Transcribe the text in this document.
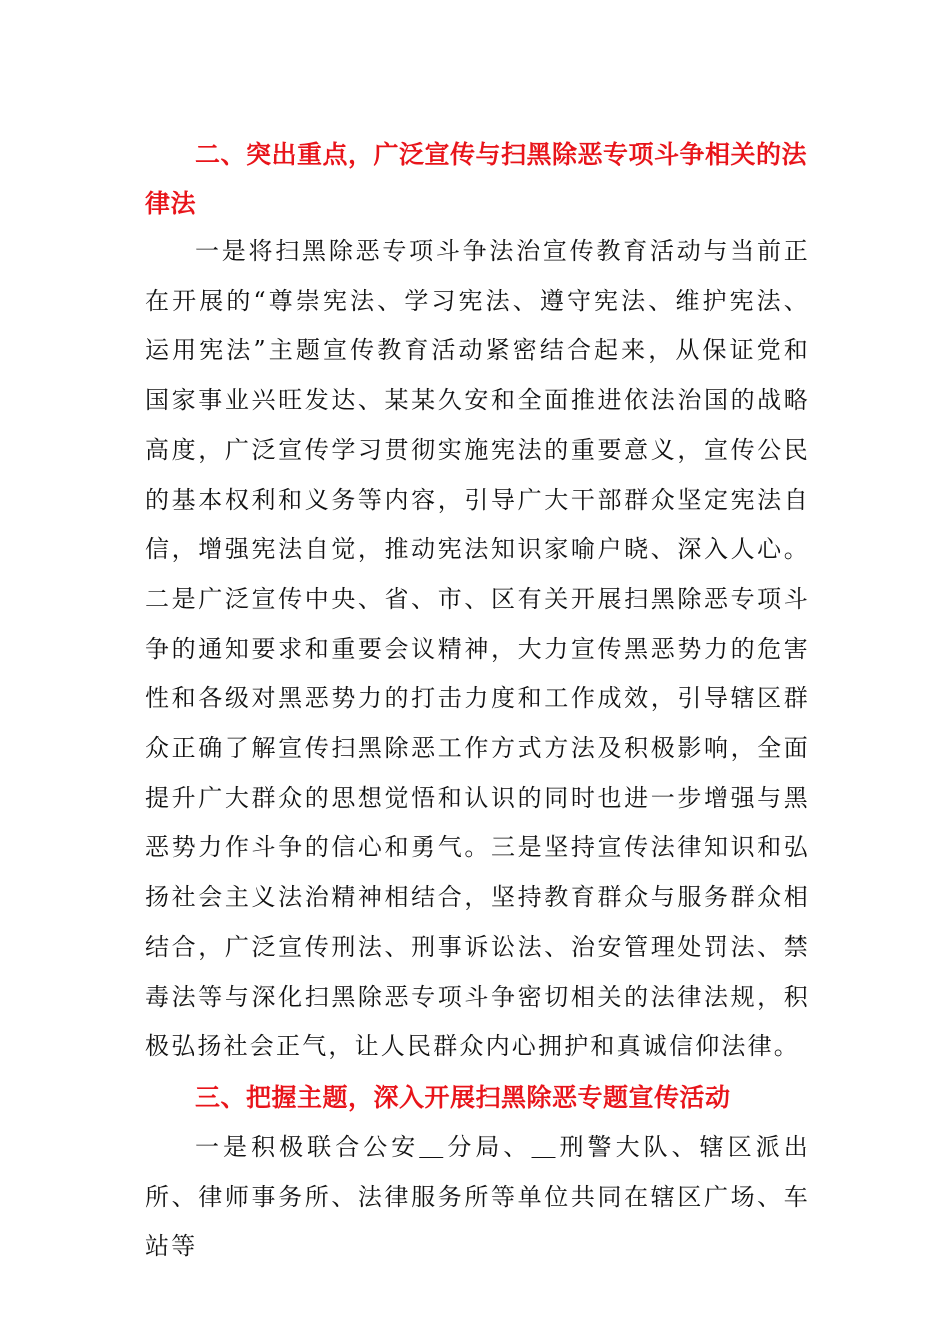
二、突出重点，广泛宣传与扫黑除恶专项斗争相关的法律法

一是将扫黑除恶专项斗争法治宣传教育活动与当前正在开展的“尊崇宪法、学习宪法、遵守宪法、维护宪法、运用宪法”主题宣传教育活动紧密结合起来，从保证党和国家事业兴旺发达、某某久安和全面推进依法治国的战略高度，广泛宣传学习贯彻实施宪法的重要意义，宣传公民的基本权利和义务等内容，引导广大干部群众坚定宪法自信，增强宪法自觉，推动宪法知识家喻户晓、深入人心。二是广泛宣传中央、省、市、区有关开展扫黑除恶专项斗争的通知要求和重要会议精神，大力宣传黑恶势力的危害性和各级对黑恶势力的打击力度和工作成效，引导辖区群众正确了解宣传扫黑除恶工作方式方法及积极影响，全面提升广大群众的思想觉悟和认识的同时也进一步增强与黑恶势力作斗争的信心和勇气。三是坚持宣传法律知识和弘扬社会主义法治精神相结合，坚持教育群众与服务群众相结合，广泛宣传刑法、刑事诉讼法、治安管理处罚法、禁毒法等与深化扫黑除恶专项斗争密切相关的法律法规，积极弘扬社会正气，让人民群众内心拥护和真诚信仰法律。

三、把握主题，深入开展扫黑除恶专题宣传活动

一是积极联合公安＿分局、＿刑警大队、辖区派出所、律师事务所、法律服务所等单位共同在辖区广场、车站等
